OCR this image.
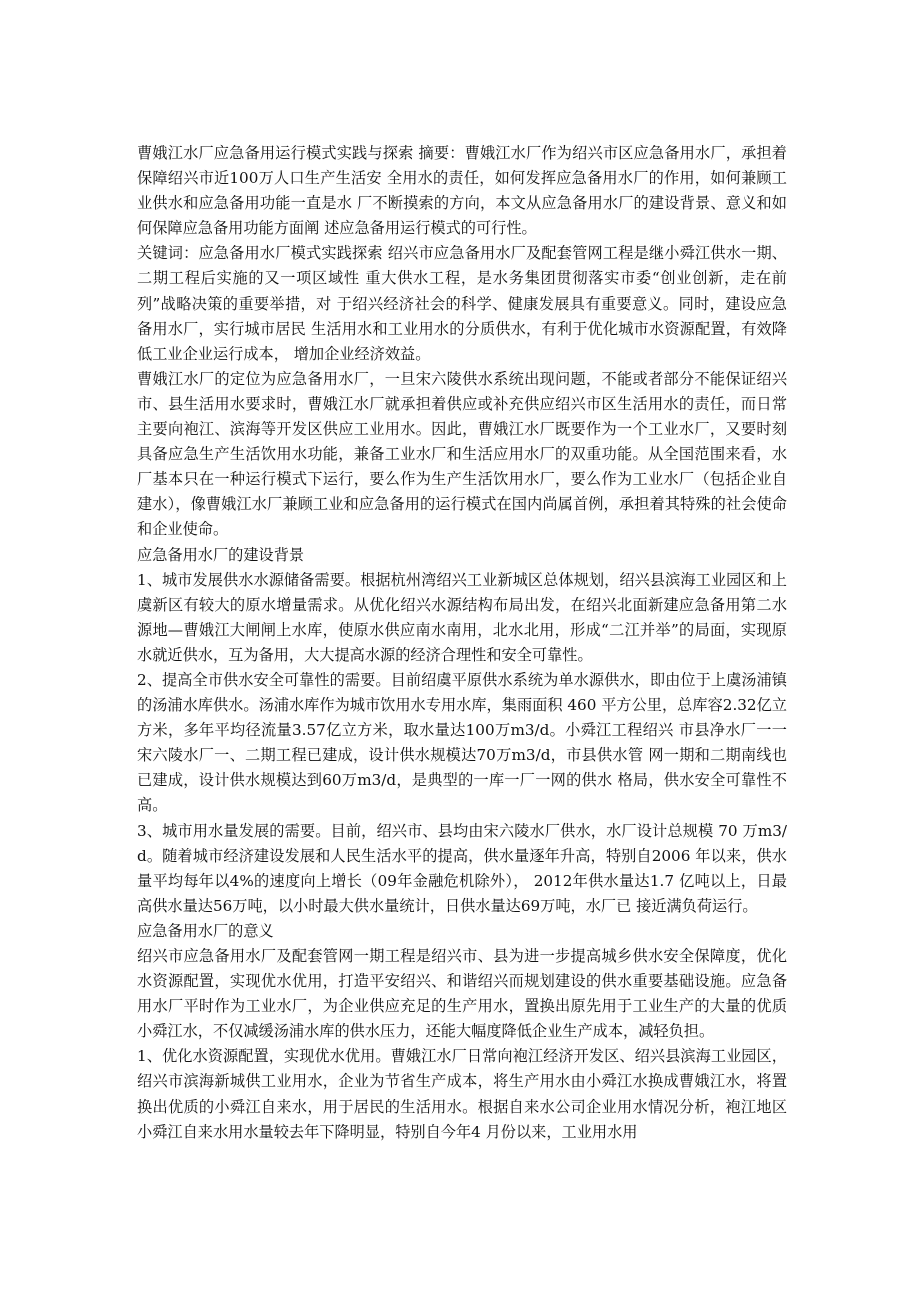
曹娥江水厂应急备用运行模式实践与探索 摘要：曹娥江水厂作为绍兴市区应急备用水厂，承担着保障绍兴市近100万人口生产生活安 全用水的责任，如何发挥应急备用水厂的作用，如何兼顾工业供水和应急备用功能一直是水 厂不断摸索的方向，本文从应急备用水厂的建设背景、意义和如何保障应急备用功能方面阐 述应急备用运行模式的可行性。

关键词：应急备用水厂模式实践探索 绍兴市应急备用水厂及配套管网工程是继小舜江供水一期、二期工程后实施的又一项区域性 重大供水工程，是水务集团贯彻落实市委“创业创新，走在前列”战略决策的重要举措，对 于绍兴经济社会的科学、健康发展具有重要意义。同时，建设应急备用水厂，实行城市居民 生活用水和工业用水的分质供水，有利于优化城市水资源配置，有效降低工业企业运行成本， 增加企业经济效益。

曹娥江水厂的定位为应急备用水厂，一旦宋六陵供水系统出现问题，不能或者部分不能保证绍兴市、县生活用水要求时，曹娥江水厂就承担着供应或补充供应绍兴市区生活用水的责任，而日常主要向袍江、滨海等开发区供应工业用水。因此，曹娥江水厂既要作为一个工业水厂，又要时刻具备应急生产生活饮用水功能，兼备工业水厂和生活应用水厂的双重功能。从全国范围来看，水厂基本只在一种运行模式下运行，要么作为生产生活饮用水厂，要么作为工业水厂（包括企业自建水），像曹娥江水厂兼顾工业和应急备用的运行模式在国内尚属首例，承担着其特殊的社会使命和企业使命。

应急备用水厂的建设背景

1、城市发展供水水源储备需要。根据杭州湾绍兴工业新城区总体规划，绍兴县滨海工业园区和上虞新区有较大的原水增量需求。从优化绍兴水源结构布局出发，在绍兴北面新建应急备用第二水源地—曹娥江大闸闸上水库，使原水供应南水南用，北水北用，形成“二江并举”的局面，实现原水就近供水，互为备用，大大提高水源的经济合理性和安全可靠性。

2、提高全市供水安全可靠性的需要。目前绍虞平原供水系统为单水源供水，即由位于上虞汤浦镇的汤浦水库供水。汤浦水库作为城市饮用水专用水库，集雨面积 460 平方公里，总库容2.32亿立方米，多年平均径流量3.57亿立方米，取水量达100万m3/d。小舜江工程绍兴 市县净水厂一一宋六陵水厂一、二期工程已建成，设计供水规模达70万m3/d，市县供水管 网一期和二期南线也已建成，设计供水规模达到60万m3/d，是典型的一库一厂一网的供水 格局，供水安全可靠性不高。

3、城市用水量发展的需要。目前，绍兴市、县均由宋六陵水厂供水，水厂设计总规模 70 万m3/d。随着城市经济建设发展和人民生活水平的提高，供水量逐年升高，特别自2006 年以来，供水量平均每年以4%的速度向上增长（09年金融危机除外）， 2012年供水量达1.7 亿吨以上，日最高供水量达56万吨，以小时最大供水量统计，日供水量达69万吨，水厂已 接近满负荷运行。

应急备用水厂的意义

绍兴市应急备用水厂及配套管网一期工程是绍兴市、县为进一步提高城乡供水安全保障度，优化水资源配置，实现优水优用，打造平安绍兴、和谐绍兴而规划建设的供水重要基础设施。应急备用水厂平时作为工业水厂，为企业供应充足的生产用水，置换出原先用于工业生产的大量的优质小舜江水，不仅减缓汤浦水库的供水压力，还能大幅度降低企业生产成本，减轻负担。

1、优化水资源配置，实现优水优用。曹娥江水厂日常向袍江经济开发区、绍兴县滨海工业园区，绍兴市滨海新城供工业用水，企业为节省生产成本，将生产用水由小舜江水换成曹娥江水，将置换出优质的小舜江自来水，用于居民的生活用水。根据自来水公司企业用水情况分析，袍江地区小舜江自来水用水量较去年下降明显，特别自今年4 月份以来，工业用水用
